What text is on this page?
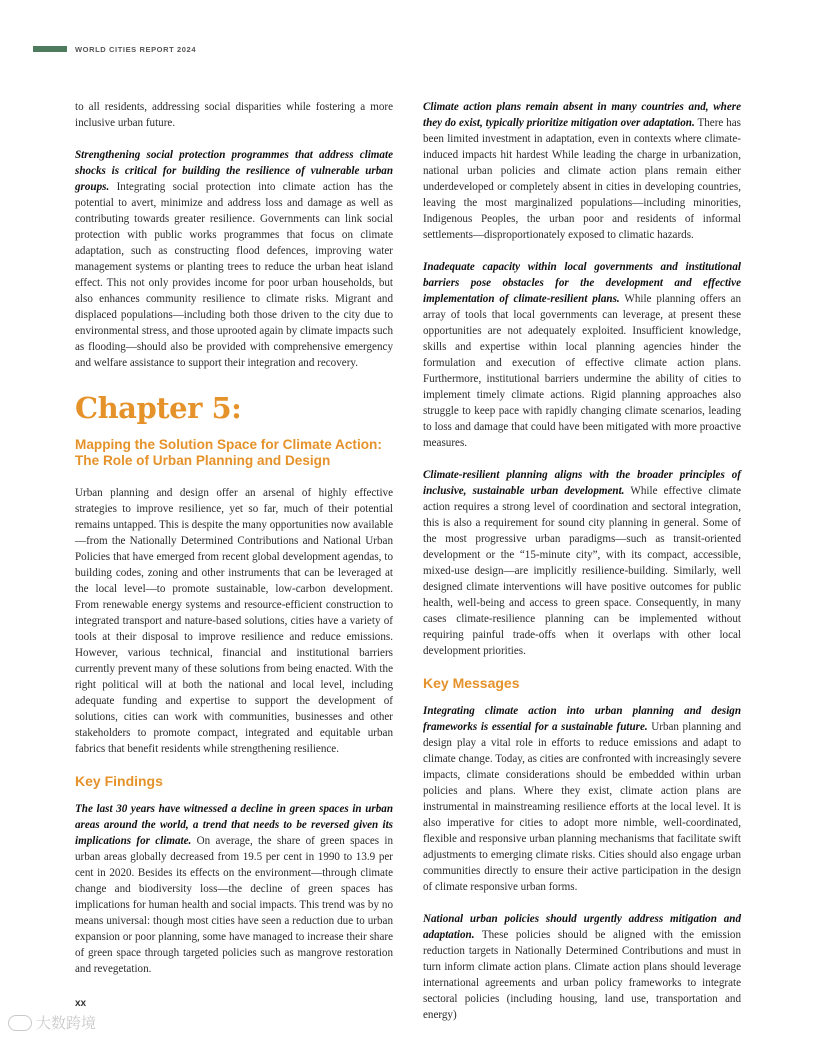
WORLD CITIES REPORT 2024

to all residents, addressing social disparities while fostering a more inclusive urban future.

Strengthening social protection programmes that address climate shocks is critical for building the resilience of vulnerable urban groups. Integrating social protection into climate action has the potential to avert, minimize and address loss and damage as well as contributing towards greater resilience. Governments can link social protection with public works programmes that focus on climate adaptation, such as constructing flood defences, improving water management systems or planting trees to reduce the urban heat island effect. This not only provides income for poor urban households, but also enhances community resilience to climate risks. Migrant and displaced populations—including both those driven to the city due to environmental stress, and those uprooted again by climate impacts such as flooding—should also be provided with comprehensive emergency and welfare assistance to support their integration and recovery.

Chapter 5:
Mapping the Solution Space for Climate Action:
The Role of Urban Planning and Design

Urban planning and design offer an arsenal of highly effective strategies to improve resilience, yet so far, much of their potential remains untapped. This is despite the many opportunities now available—from the Nationally Determined Contributions and National Urban Policies that have emerged from recent global development agendas, to building codes, zoning and other instruments that can be leveraged at the local level—to promote sustainable, low-carbon development. From renewable energy systems and resource-efficient construction to integrated transport and nature-based solutions, cities have a variety of tools at their disposal to improve resilience and reduce emissions. However, various technical, financial and institutional barriers currently prevent many of these solutions from being enacted. With the right political will at both the national and local level, including adequate funding and expertise to support the development of solutions, cities can work with communities, businesses and other stakeholders to promote compact, integrated and equitable urban fabrics that benefit residents while strengthening resilience.

Key Findings

The last 30 years have witnessed a decline in green spaces in urban areas around the world, a trend that needs to be reversed given its implications for climate. On average, the share of green spaces in urban areas globally decreased from 19.5 per cent in 1990 to 13.9 per cent in 2020. Besides its effects on the environment—through climate change and biodiversity loss—the decline of green spaces has implications for human health and social impacts. This trend was by no means universal: though most cities have seen a reduction due to urban expansion or poor planning, some have managed to increase their share of green space through targeted policies such as mangrove restoration and revegetation.

Climate action plans remain absent in many countries and, where they do exist, typically prioritize mitigation over adaptation. There has been limited investment in adaptation, even in contexts where climate-induced impacts hit hardest While leading the charge in urbanization, national urban policies and climate action plans remain either underdeveloped or completely absent in cities in developing countries, leaving the most marginalized populations—including minorities, Indigenous Peoples, the urban poor and residents of informal settlements—disproportionately exposed to climatic hazards.

Inadequate capacity within local governments and institutional barriers pose obstacles for the development and effective implementation of climate-resilient plans. While planning offers an array of tools that local governments can leverage, at present these opportunities are not adequately exploited. Insufficient knowledge, skills and expertise within local planning agencies hinder the formulation and execution of effective climate action plans. Furthermore, institutional barriers undermine the ability of cities to implement timely climate actions. Rigid planning approaches also struggle to keep pace with rapidly changing climate scenarios, leading to loss and damage that could have been mitigated with more proactive measures.

Climate-resilient planning aligns with the broader principles of inclusive, sustainable urban development. While effective climate action requires a strong level of coordination and sectoral integration, this is also a requirement for sound city planning in general. Some of the most progressive urban paradigms—such as transit-oriented development or the “15-minute city”, with its compact, accessible, mixed-use design—are implicitly resilience-building. Similarly, well designed climate interventions will have positive outcomes for public health, well-being and access to green space. Consequently, in many cases climate-resilience planning can be implemented without requiring painful trade-offs when it overlaps with other local development priorities.

Key Messages

Integrating climate action into urban planning and design frameworks is essential for a sustainable future. Urban planning and design play a vital role in efforts to reduce emissions and adapt to climate change. Today, as cities are confronted with increasingly severe impacts, climate considerations should be embedded within urban policies and plans. Where they exist, climate action plans are instrumental in mainstreaming resilience efforts at the local level. It is also imperative for cities to adopt more nimble, well-coordinated, flexible and responsive urban planning mechanisms that facilitate swift adjustments to emerging climate risks. Cities should also engage urban communities directly to ensure their active participation in the design of climate responsive urban forms.

National urban policies should urgently address mitigation and adaptation. These policies should be aligned with the emission reduction targets in Nationally Determined Contributions and must in turn inform climate action plans. Climate action plans should leverage international agreements and urban policy frameworks to integrate sectoral policies (including housing, land use, transportation and energy)

xx
大数跨境
